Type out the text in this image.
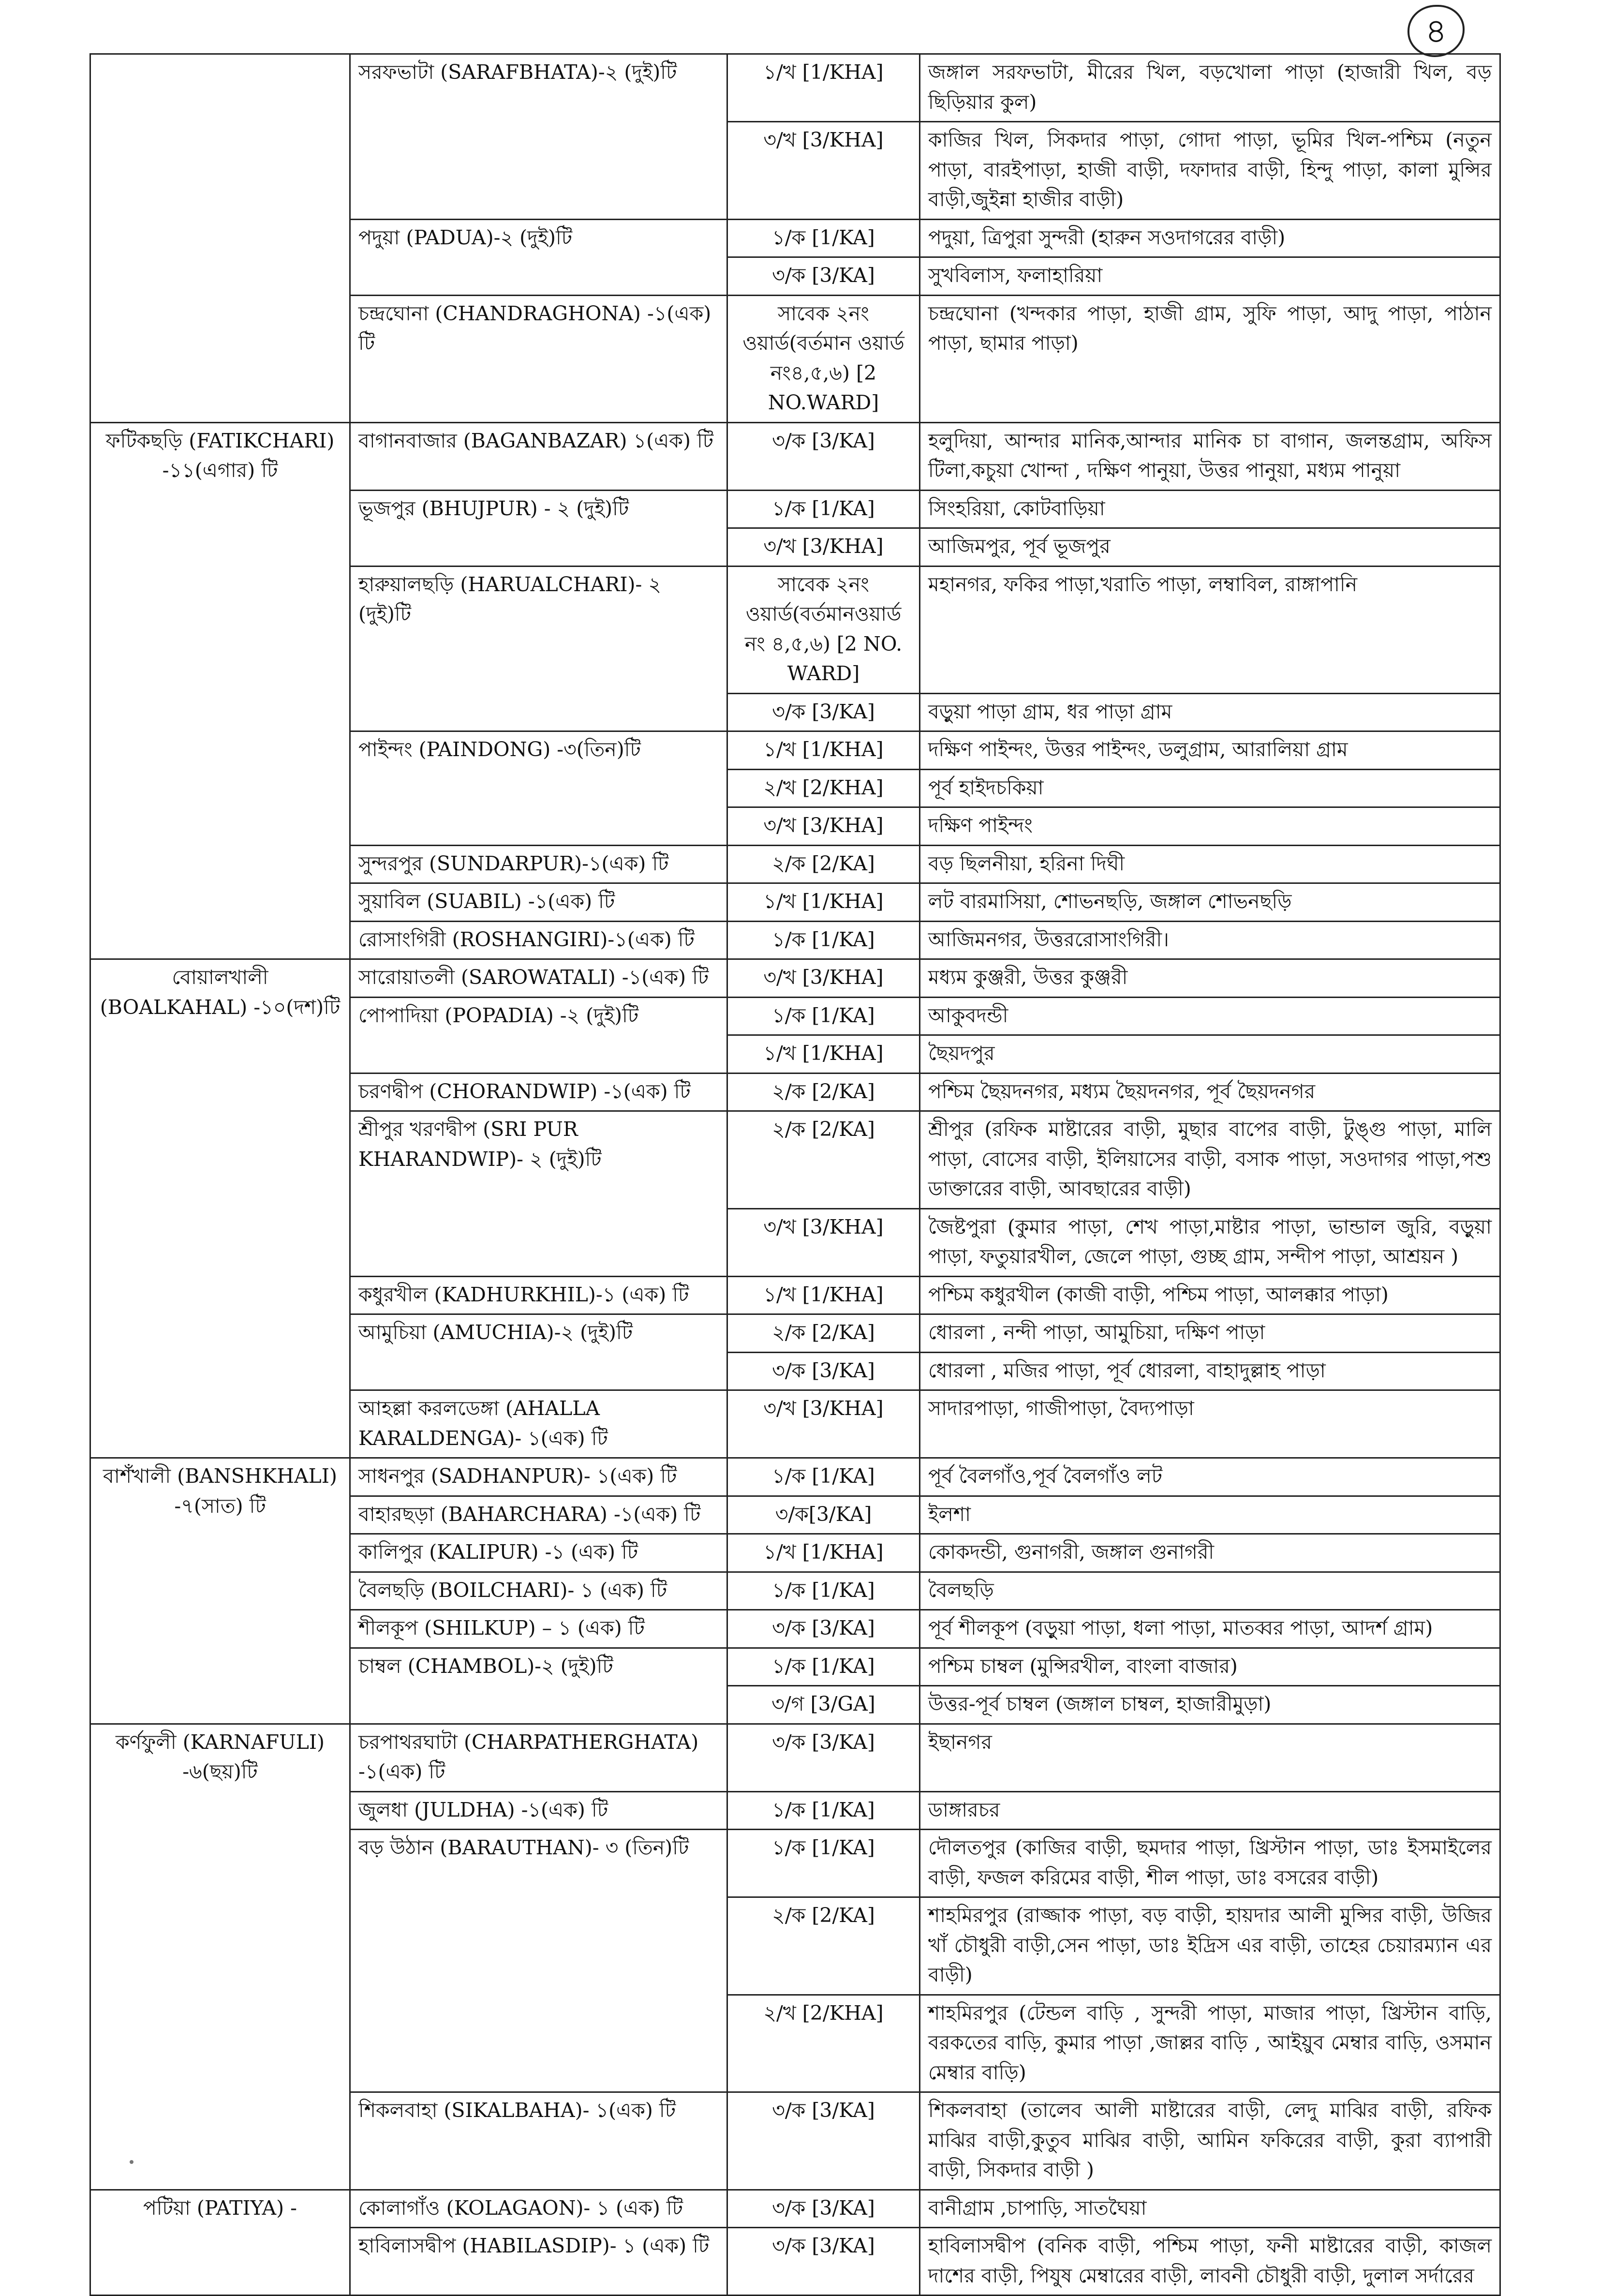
৪
	সরফভাটা (SARAFBHATA)-২ (দুই)টি	১/খ [1/KHA]	জঙ্গাল সরফভাটা, মীরের খিল, বড়খোলা পাড়া (হাজারী খিল, বড় ছিড়িয়ার কুল)
		৩/খ [3/KHA]	কাজির খিল, সিকদার পাড়া, গোদা পাড়া, ভূমির খিল-পশ্চিম (নতুন পাড়া, বারইপাড়া, হাজী বাড়ী, দফাদার বাড়ী, হিন্দু পাড়া, কালা মুন্সির বাড়ী,জুইন্না হাজীর বাড়ী)
	পদুয়া (PADUA)-২ (দুই)টি	১/ক [1/KA]	পদুয়া, ত্রিপুরা সুন্দরী (হারুন সওদাগরের বাড়ী)
		৩/ক [3/KA]	সুখবিলাস, ফলাহারিয়া
	চন্দ্রঘোনা (CHANDRAGHONA) -১(এক) টি	সাবেক ২নং ওয়ার্ড(বর্তমান ওয়ার্ড নং৪,৫,৬) [2 NO.WARD]	চন্দ্রঘোনা (খন্দকার পাড়া, হাজী গ্রাম, সুফি পাড়া, আদু পাড়া, পাঠান পাড়া, ছামার পাড়া)
ফটিকছড়ি (FATIKCHARI) -১১(এগার) টি	বাগানবাজার (BAGANBAZAR) ১(এক) টি	৩/ক [3/KA]	হলুদিয়া, আন্দার মানিক,আন্দার মানিক চা বাগান, জলন্তগ্রাম, অফিস টিলা,কচুয়া খোন্দা , দক্ষিণ পানুয়া, উত্তর পানুয়া, মধ্যম পানুয়া
	ভূজপুর (BHUJPUR) - ২ (দুই)টি	১/ক [1/KA]	সিংহরিয়া, কোটবাড়িয়া
		৩/খ [3/KHA]	আজিমপুর, পূর্ব ভূজপুর
	হারুয়ালছড়ি (HARUALCHARI)- ২ (দুই)টি	সাবেক ২নং ওয়ার্ড(বর্তমানওয়ার্ড নং ৪,৫,৬) [2 NO. WARD]	মহানগর, ফকির পাড়া,খরাতি পাড়া, লম্বাবিল, রাঙ্গাপানি
		৩/ক [3/KA]	বড়ুয়া পাড়া গ্রাম, ধর পাড়া গ্রাম
	পাইন্দং (PAINDONG) -৩(তিন)টি	১/খ [1/KHA]	দক্ষিণ পাইন্দং, উত্তর পাইন্দং, ডলুগ্রাম, আরালিয়া গ্রাম
		২/খ [2/KHA]	পূর্ব হাইদচকিয়া
		৩/খ [3/KHA]	দক্ষিণ পাইন্দং
	সুন্দরপুর (SUNDARPUR)-১(এক) টি	২/ক [2/KA]	বড় ছিলনীয়া, হরিনা দিঘী
	সুয়াবিল (SUABIL) -১(এক) টি	১/খ [1/KHA]	লট বারমাসিয়া, শোভনছড়ি, জঙ্গাল শোভনছড়ি
	রোসাংগিরী (ROSHANGIRI)-১(এক) টি	১/ক [1/KA]	আজিমনগর, উত্তররোসাংগিরী।
বোয়ালখালী (BOALKAHAL) -১০(দশ)টি	সারোয়াতলী (SAROWATALI) -১(এক) টি	৩/খ [3/KHA]	মধ্যম কুঞ্জরী, উত্তর কুঞ্জরী
	পোপাদিয়া (POPADIA) -২ (দুই)টি	১/ক [1/KA]	আকুবদন্ডী
		১/খ [1/KHA]	ছৈয়দপুর
	চরণদ্বীপ (CHORANDWIP) -১(এক) টি	২/ক [2/KA]	পশ্চিম ছৈয়দনগর, মধ্যম ছৈয়দনগর, পূর্ব ছৈয়দনগর
	শ্রীপুর খরণদ্বীপ (SRI PUR KHARANDWIP)- ২ (দুই)টি	২/ক [2/KA]	শ্রীপুর (রফিক মাষ্টারের বাড়ী, মুছার বাপের বাড়ী, টুঙ্গু পাড়া, মালি পাড়া, বোসের বাড়ী, ইলিয়াসের বাড়ী, বসাক পাড়া, সওদাগর পাড়া,পশু ডাক্তারের বাড়ী, আবছারের বাড়ী)
		৩/খ [3/KHA]	জৈষ্টপুরা (কুমার পাড়া, শেখ পাড়া,মাষ্টার পাড়া, ভান্ডাল জুরি, বড়ুয়া পাড়া, ফতুয়ারখীল, জেলে পাড়া, গুচ্ছ গ্রাম, সন্দীপ পাড়া, আশ্রয়ন )
	কধুরখীল (KADHURKHIL)-১ (এক) টি	১/খ [1/KHA]	পশ্চিম কধুরখীল (কাজী বাড়ী, পশ্চিম পাড়া, আলক্কার পাড়া)
	আমুচিয়া (AMUCHIA)-২ (দুই)টি	২/ক [2/KA]	ধোরলা , নন্দী পাড়া, আমুচিয়া, দক্ষিণ পাড়া
		৩/ক [3/KA]	ধোরলা , মজির পাড়া, পূর্ব ধোরলা, বাহাদুল্লাহ পাড়া
	আহল্লা করলডেঙ্গা (AHALLA KARALDENGA)- ১(এক) টি	৩/খ [3/KHA]	সাদারপাড়া, গাজীপাড়া, বৈদ্যপাড়া
বাশঁখালী (BANSHKHALI) -৭(সাত) টি	সাধনপুর (SADHANPUR)- ১(এক) টি	১/ক [1/KA]	পূর্ব বৈলগাঁও,পূর্ব বৈলগাঁও লট
	বাহারছড়া (BAHARCHARA) -১(এক) টি	৩/ক[3/KA]	ইলশা
	কালিপুর (KALIPUR) -১ (এক) টি	১/খ [1/KHA]	কোকদন্ডী, গুনাগরী, জঙ্গাল গুনাগরী
	বৈলছড়ি (BOILCHARI)- ১ (এক) টি	১/ক [1/KA]	বৈলছড়ি
	শীলকূপ (SHILKUP) – ১ (এক) টি	৩/ক [3/KA]	পূর্ব শীলকূপ (বড়ুয়া পাড়া, ধলা পাড়া, মাতব্বর পাড়া, আদর্শ গ্রাম)
	চাম্বল (CHAMBOL)-২ (দুই)টি	১/ক [1/KA]	পশ্চিম চাম্বল (মুন্সিরখীল, বাংলা বাজার)
		৩/গ [3/GA]	উত্তর-পূর্ব চাম্বল (জঙ্গাল চাম্বল, হাজারীমুড়া)
কর্ণফুলী (KARNAFULI) -৬(ছয়)টি	চরপাথরঘাটা (CHARPATHERGHATA) -১(এক) টি	৩/ক [3/KA]	ইছানগর
	জুলধা (JULDHA) -১(এক) টি	১/ক [1/KA]	ডাঙ্গারচর
	বড় উঠান (BARAUTHAN)- ৩ (তিন)টি	১/ক [1/KA]	দৌলতপুর (কাজির বাড়ী, ছমদার পাড়া, খ্রিস্টান পাড়া, ডাঃ ইসমাইলের বাড়ী, ফজল করিমের বাড়ী, শীল পাড়া, ডাঃ বসরের বাড়ী)
		২/ক [2/KA]	শাহমিরপুর (রাজ্জাক পাড়া, বড় বাড়ী, হায়দার আলী মুন্সির বাড়ী, উজির খাঁ চৌধুরী বাড়ী,সেন পাড়া, ডাঃ ইদ্রিস এর বাড়ী, তাহের চেয়ারম্যান এর বাড়ী)
		২/খ [2/KHA]	শাহমিরপুর (টেন্ডল বাড়ি , সুন্দরী পাড়া, মাজার পাড়া, খ্রিস্টান বাড়ি, বরকতের বাড়ি, কুমার পাড়া ,জাল্লর বাড়ি , আইয়ুব মেম্বার বাড়ি, ওসমান মেম্বার বাড়ি)
	শিকলবাহা (SIKALBAHA)- ১(এক) টি	৩/ক [3/KA]	শিকলবাহা (তালেব আলী মাষ্টারের বাড়ী, লেদু মাঝির বাড়ী, রফিক মাঝির বাড়ী,কুতুব মাঝির বাড়ী, আমিন ফকিরের বাড়ী, কুরা ব্যাপারী বাড়ী, সিকদার বাড়ী )
পটিয়া (PATIYA) -	কোলাগাঁও (KOLAGAON)- ১ (এক) টি	৩/ক [3/KA]	বানীগ্রাম ,চাপাড়ি, সাতঘৈয়া
	হাবিলাসদ্বীপ (HABILASDIP)- ১ (এক) টি	৩/ক [3/KA]	হাবিলাসদ্বীপ (বনিক বাড়ী, পশ্চিম পাড়া, ফনী মাষ্টারের বাড়ী, কাজল দাশের বাড়ী, পিযুষ মেম্বারের বাড়ী, লাবনী চৌধুরী বাড়ী, দুলাল সর্দারের
